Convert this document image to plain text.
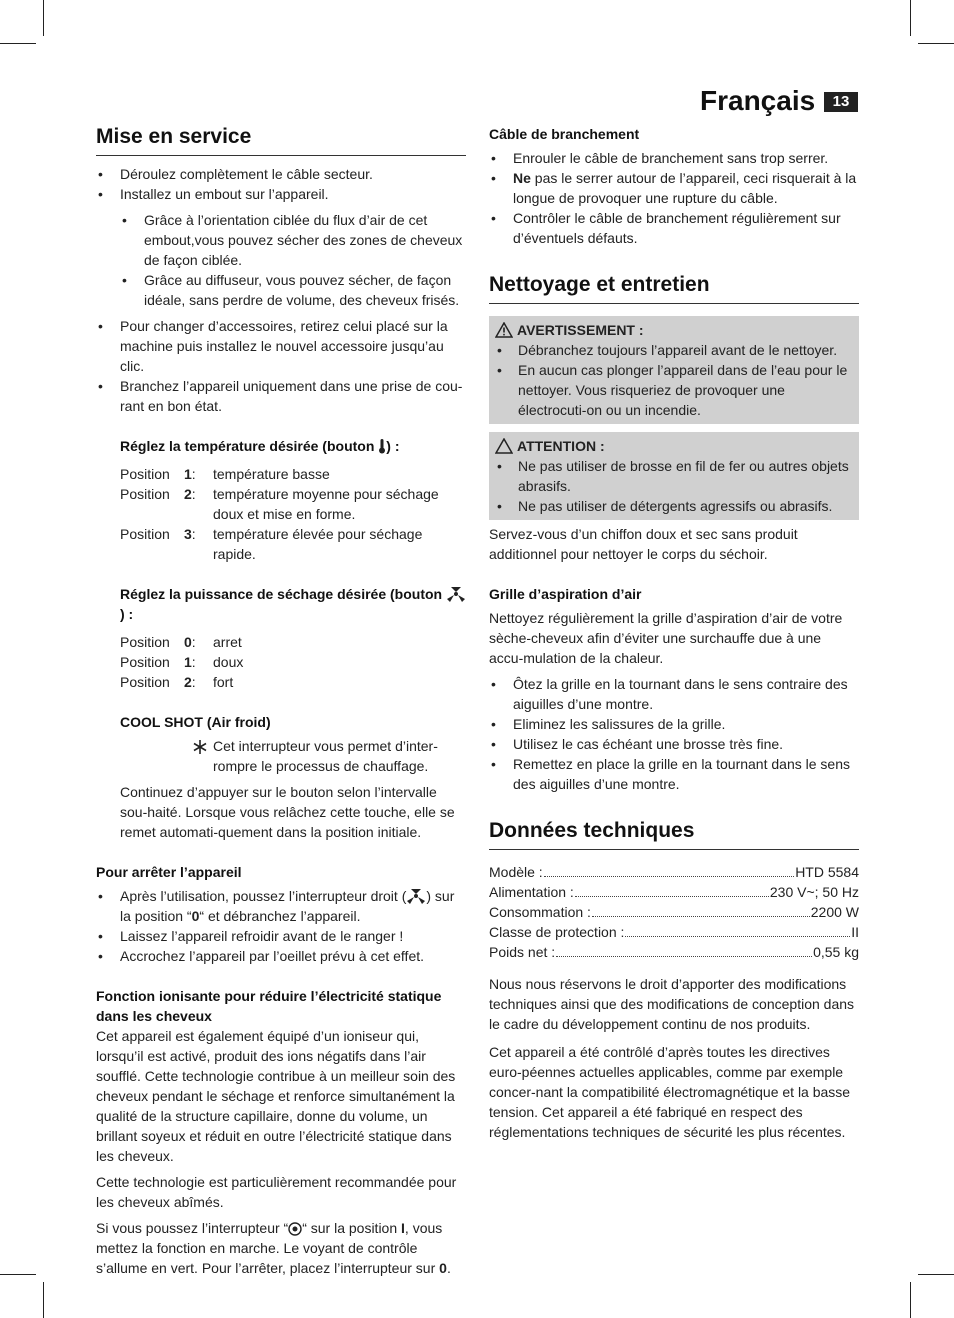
Français	13
Mise en service
• Déroulez complètement le câble secteur.
• Installez un embout sur l’appareil.
• Grâce à l’orientation ciblée du flux d’air de cet embout,vous pouvez sécher des zones de cheveux de façon ciblée.
• Grâce au diffuseur, vous pouvez sécher, de façon idéale, sans perdre de volume, des cheveux frisés.
• Pour changer d’accessoires, retirez celui placé sur la machine puis installez le nouvel accessoire jusqu’au clic.
• Branchez l’appareil uniquement dans une prise de cou-rant en bon état.

Réglez la température désirée (bouton ) :

Position	1:	température basse
Position	2:	température moyenne pour séchage doux et mise en forme.
Position	3:	température élevée pour séchage rapide.

Réglez la puissance de séchage désirée (bouton ) :

Position	0:	arret
Position	1:	doux
Position	2:	fort

COOL SHOT (Air froid)

Cet interrupteur vous permet d’inter-rompre le processus de chauffage.

Continuez d’appuyer sur le bouton selon l’intervalle sou-haité. Lorsque vous relâchez cette touche, elle se remet automati-quement dans la position initiale.

Pour arrêter l’appareil

• Après l’utilisation, poussez l’interrupteur droit ( ) sur la position “0“ et débranchez l’appareil.
• Laissez l’appareil refroidir avant de le ranger !
• Accrochez l’appareil par l’oeillet prévu à cet effet.

Fonction ionisante pour réduire l’électricité statique dans les cheveux

Cet appareil est également équipé d’un ioniseur qui, lorsqu’il est activé, produit des ions négatifs dans l’air soufflé. Cette technologie contribue à un meilleur soin des cheveux pendant le séchage et renforce simultanément la qualité de la structure capillaire, donne du volume, un brillant soyeux et réduit en outre l’électricité statique dans les cheveux.

Cette technologie est particulièrement recommandée pour les cheveux abîmés.

Si vous poussez l’interrupteur “ “ sur la position I, vous mettez la fonction en marche. Le voyant de contrôle s’allume en vert. Pour l’arrêter, placez l’interrupteur sur 0.

Câble de branchement

• Enrouler le câble de branchement sans trop serrer.
• Ne pas le serrer autour de l’appareil, ceci risquerait à la longue de provoquer une rupture du câble.
• Contrôler le câble de branchement régulièrement sur d’éventuels défauts.
Nettoyage et entretien
AVERTISSEMENT :
• Débranchez toujours l’appareil avant de le nettoyer.
• En aucun cas plonger l’appareil dans de l’eau pour le nettoyer. Vous risqueriez de provoquer une électrocuti-on ou un incendie.
ATTENTION :
• Ne pas utiliser de brosse en fil de fer ou autres objets abrasifs.
• Ne pas utiliser de détergents agressifs ou abrasifs.

Servez-vous d’un chiffon doux et sec sans produit additionnel pour nettoyer le corps du séchoir.

Grille d’aspiration d’air

Nettoyez régulièrement la grille d’aspiration d’air de votre sèche-cheveux afin d’éviter une surchauffe due à une accu-mulation de la chaleur.

• Ôtez la grille en la tournant dans le sens contraire des aiguilles d’une montre.
• Eliminez les salissures de la grille.
• Utilisez le cas échéant une brosse très fine.
• Remettez en place la grille en la tournant dans le sens des aiguilles d’une montre.
Données techniques
Modèle :	HTD 5584
Alimentation :	230 V~; 50 Hz
Consommation :	2200 W
Classe de protection :	II
Poids net :	0,55 kg

Nous nous réservons le droit d’apporter des modifications techniques ainsi que des modifications de conception dans le cadre du développement continu de nos produits.

Cet appareil a été contrôlé d’après toutes les directives euro-péennes actuelles applicables, comme par exemple concer-nant la compatibilité électromagnétique et la basse tension. Cet appareil a été fabriqué en respect des réglementations techniques de sécurité les plus récentes.
